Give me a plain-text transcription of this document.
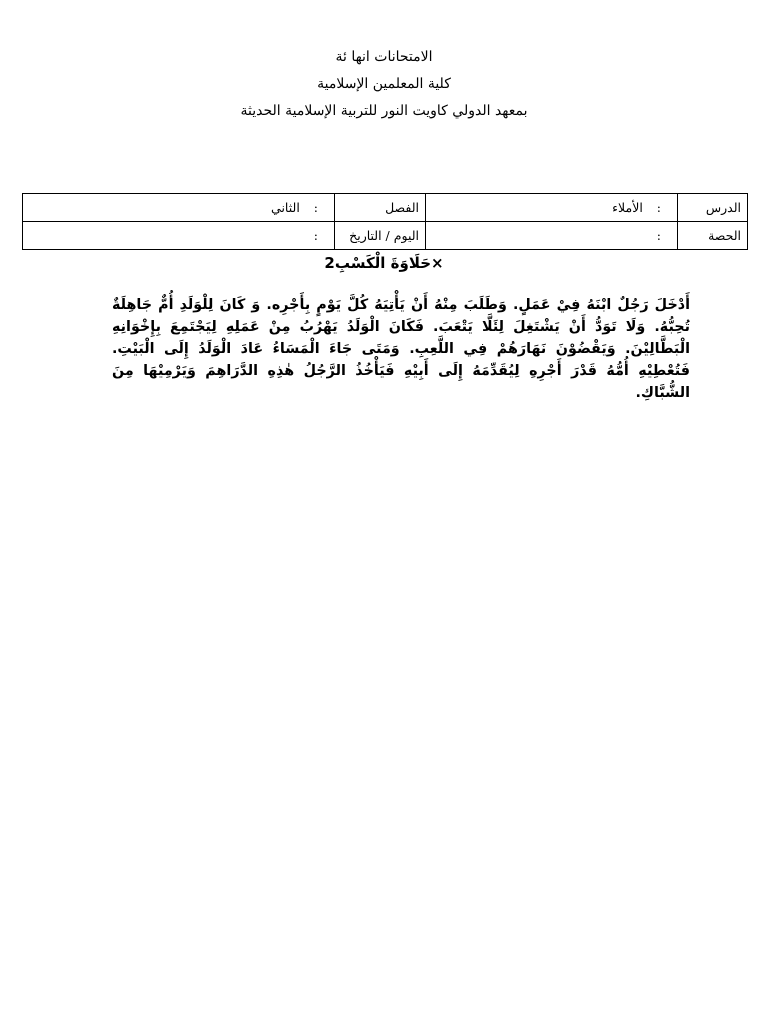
الامتحانات انها ئة
كلية المعلمين الإسلامية
بمعهد الدولي كاويت النور للتربية الإسلامية الحديثة
الدرس	: الأملاء	الفصل	: الثاني
الحصة	:	اليوم / التاريخ	:
×حَلَاوَةَ الْكَسْبِ2
أَدْخَلَ رَجُلٌ ابْنَهُ فِيْ عَمَلٍ. وَطَلَبَ مِنْهُ أَنْ يَأْتِيَهُ كُلَّ يَوْمٍ بِأَجْرِه. وَ كَانَ لِلْوَلَدِ أُمٌّ جَاهِلَةٌ تُحِبُّهُ. وَلَا تَوَدُّ أَنْ يَشْتَغِلَ لِئَلَّا يَتْعَبَ. فَكَانَ الْوَلَدُ يَهْرُبُ مِنْ عَمَلِهِ لِيَجْتَمِعَ بِإِخْوَانِهِ الْبَطَّالِيْنَ. وَيَقْضُوْنَ نَهَارَهُمْ فِي اللَّعِبِ. وَمَتَى جَاءَ الْمَسَاءُ عَادَ الْوَلَدُ إِلَى الْبَيْتِ. فَتُعْطِيْهِ أُمُّهُ قَدْرَ أَجْرِهِ لِيُقَدِّمَهُ إِلَى أَبِيْهِ فَيَأْخُذُ الرَّجُلُ هٰذِهِ الدَّرَاهِمَ وَيَرْمِيْهَا مِنَ الشُّبَّاكِ.
